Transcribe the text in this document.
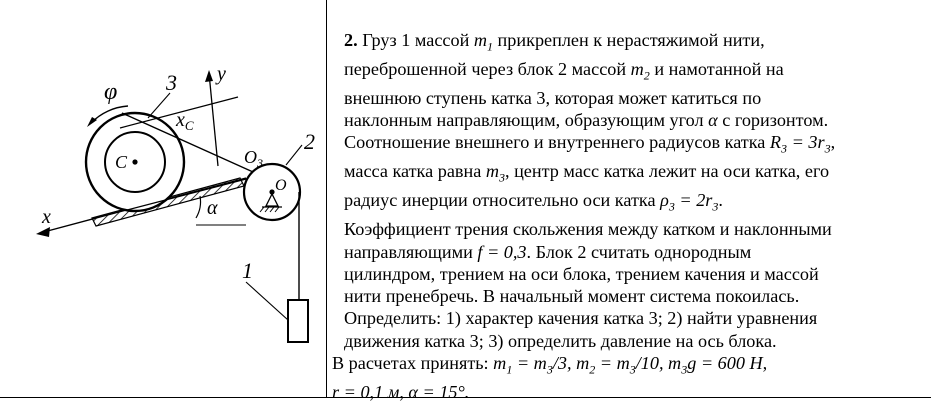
φ 3 y
$x_C$
C	$O_3$
2
O
α
x
1
2. Груз 1 массой $m_1$ прикреплен к нерастяжимой нити,
переброшенной через блок 2 массой $m_2$ и намотанной на
внешнюю ступень катка 3, которая может катиться по
наклонным направляющим, образующим угол α с горизонтом.
Соотношение внешнего и внутреннего радиусов катка $R_3 = 3r_3$,
масса катка равна $m_3$, центр масс катка лежит на оси катка, его
радиус инерции относительно оси катка $\rho_3 = 2r_3$.
Коэффициент трения скольжения между катком и наклонными
направляющими f = 0,3. Блок 2 считать однородным
цилиндром, трением на оси блока, трением качения и массой
нити пренебречь. В начальный момент система покоилась.
Определить: 1) характер качения катка 3; 2) найти уравнения
движения катка 3; 3) определить давление на ось блока.
В расчетах принять: $m_1 = m_3/3$, $m_2 = m_3/10$, $m_3g = 600$ Н,
r = 0,1 м, α = 15°.
